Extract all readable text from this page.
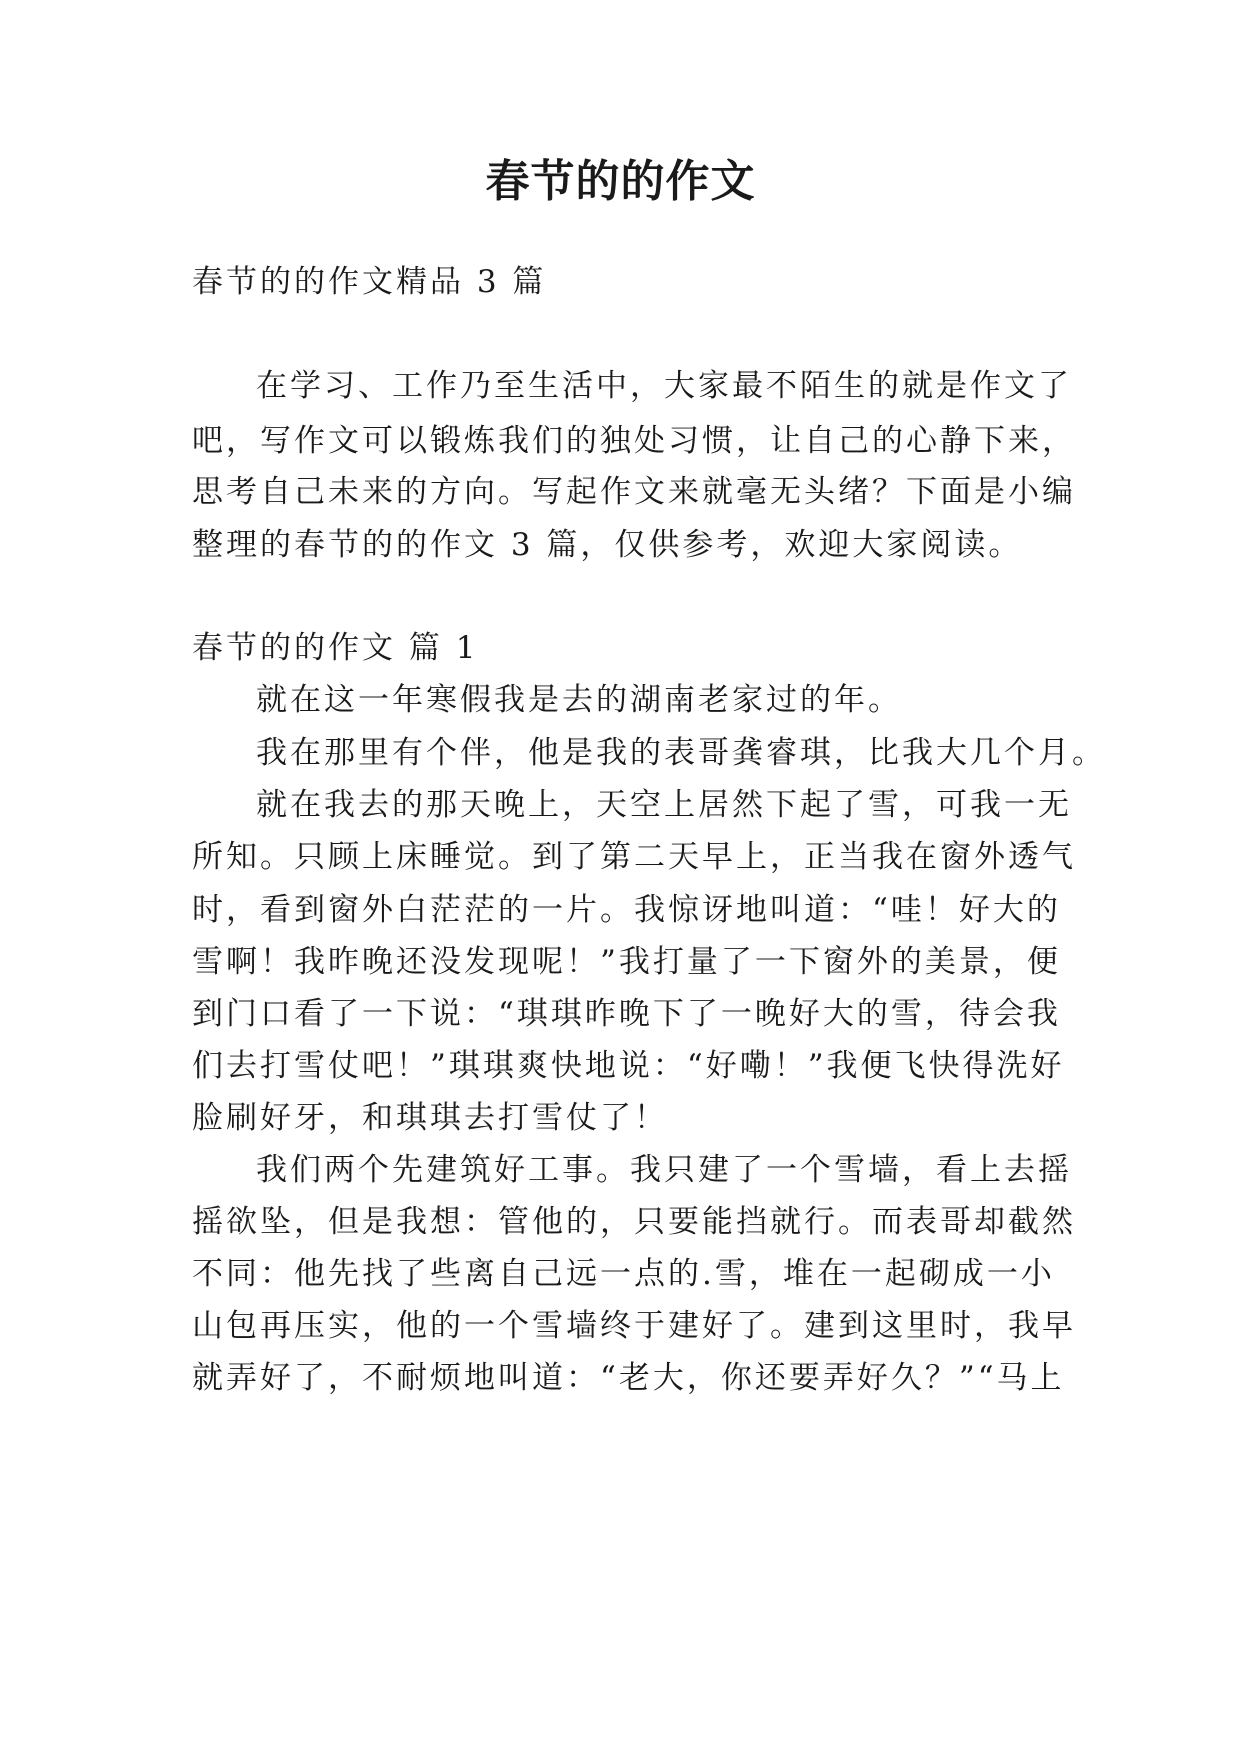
春节的的作文
春节的的作文精品 3 篇
在学习、工作乃至生活中，大家最不陌生的就是作文了
吧，写作文可以锻炼我们的独处习惯，让自己的心静下来，
思考自己未来的方向。写起作文来就毫无头绪？下面是小编
整理的春节的的作文 3 篇，仅供参考，欢迎大家阅读。
春节的的作文 篇 1
就在这一年寒假我是去的湖南老家过的年。
我在那里有个伴，他是我的表哥龚睿琪，比我大几个月。
就在我去的那天晚上，天空上居然下起了雪，可我一无
所知。只顾上床睡觉。到了第二天早上，正当我在窗外透气
时，看到窗外白茫茫的一片。我惊讶地叫道：“哇！好大的
雪啊！我昨晚还没发现呢！”我打量了一下窗外的美景，便
到门口看了一下说：“琪琪昨晚下了一晚好大的雪，待会我
们去打雪仗吧！”琪琪爽快地说：“好嘞！”我便飞快得洗好
脸刷好牙，和琪琪去打雪仗了！
我们两个先建筑好工事。我只建了一个雪墙，看上去摇
摇欲坠，但是我想：管他的，只要能挡就行。而表哥却截然
不同：他先找了些离自己远一点的.雪，堆在一起砌成一小
山包再压实，他的一个雪墙终于建好了。建到这里时，我早
就弄好了，不耐烦地叫道：“老大，你还要弄好久？”“马上
